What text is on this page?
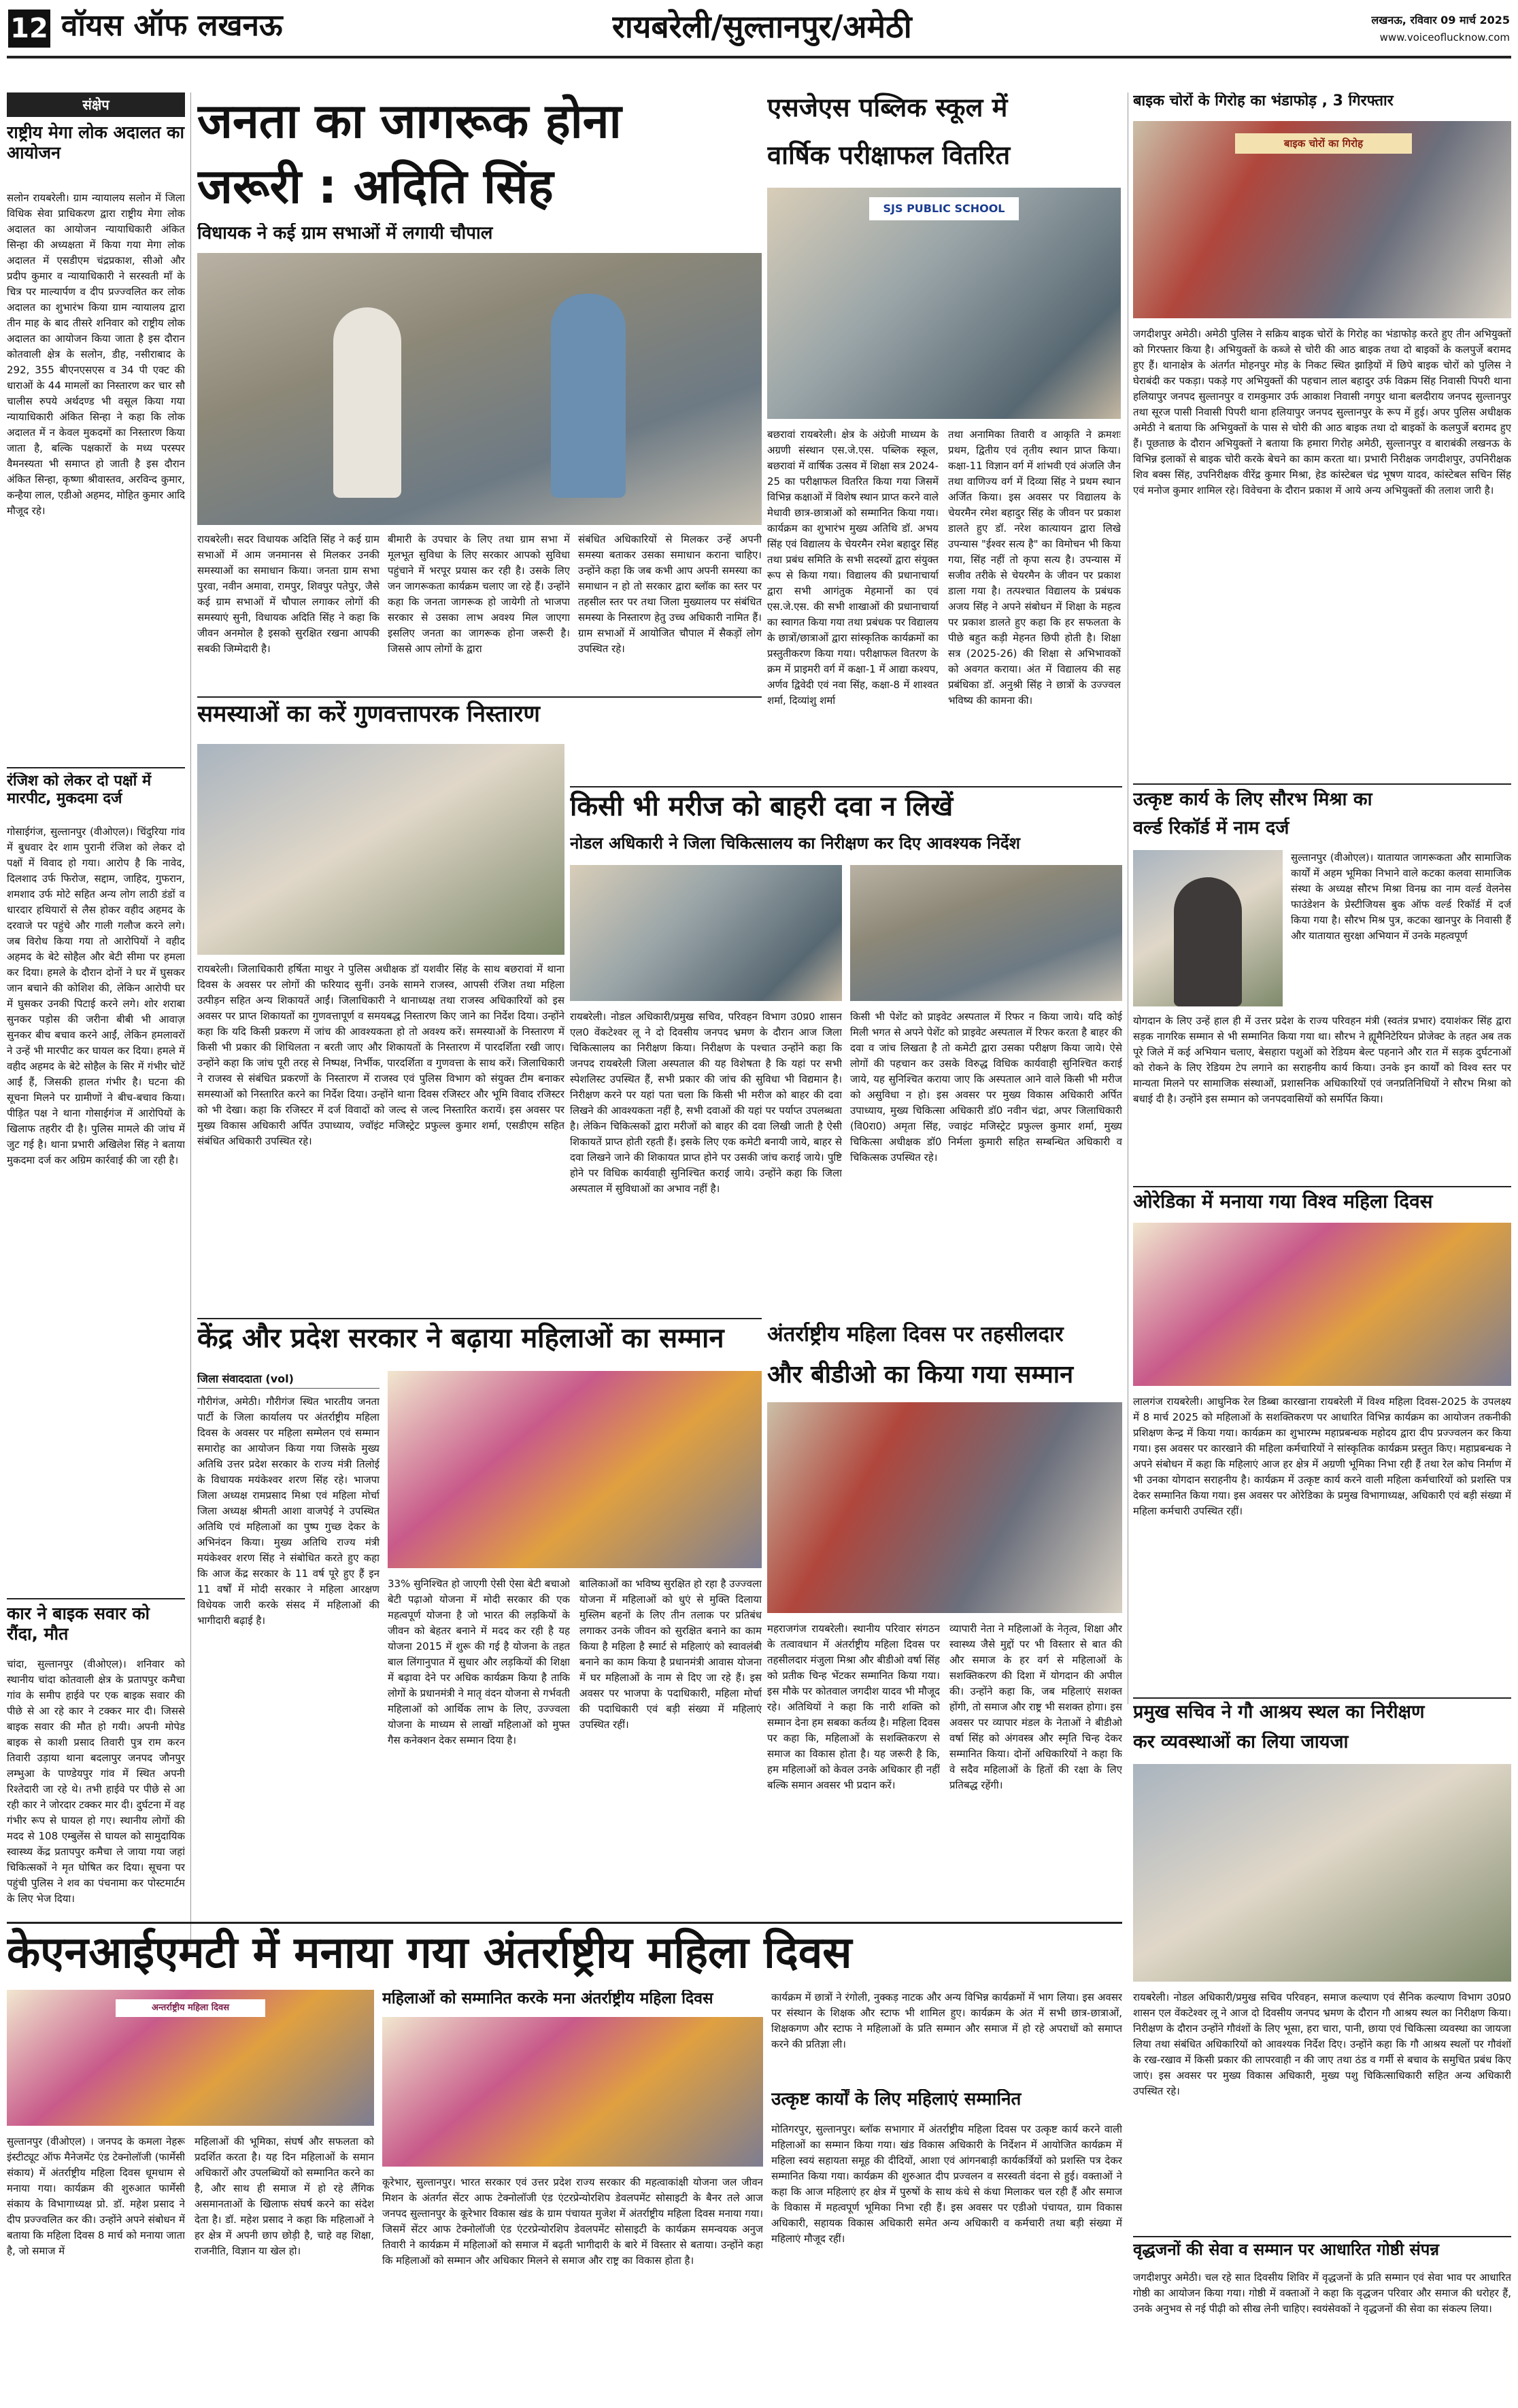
12 वॉयस ऑफ लखनऊ	रायबरेली/सुल्तानपुर/अमेठी	लखनऊ, रविवार 09 मार्च 2025
www.voiceoflucknow.com
संक्षेप
राष्ट्रीय मेगा लोक अदालत का आयोजन
सलोन रायबरेली। ग्राम न्यायालय सलोन में जिला विधिक सेवा प्राधिकरण द्वारा राष्ट्रीय मेगा लोक अदालत का आयोजन न्यायाधिकारी अंकित सिन्हा की अध्यक्षता में किया गया मेगा लोक अदालत में एसडीएम चंद्रप्रकाश, सीओ और प्रदीप कुमार व न्यायाधिकारी ने सरस्वती माँ के चित्र पर माल्यार्पण व दीप प्रज्ज्वलित कर लोक अदालत का शुभारंभ किया ग्राम न्यायालय द्वारा तीन माह के बाद तीसरे शनिवार को राष्ट्रीय लोक अदालत का आयोजन किया जाता है इस दौरान कोतवाली क्षेत्र के सलोन, डीह, नसीराबाद के 292, 355 बीएनएसएस व 34 पी एक्ट की धाराओं के 44 मामलों का निस्तारण कर चार सौ चालीस रुपये अर्थदण्ड भी वसूल किया गया न्यायाधिकारी अंकित सिन्हा ने कहा कि लोक अदालत में न केवल मुकदमों का निस्तारण किया जाता है, बल्कि पक्षकारों के मध्य परस्पर वैमनस्यता भी समाप्त हो जाती है इस दौरान अंकित सिन्हा, कृष्णा श्रीवास्तव, अरविन्द कुमार, कन्हैया लाल, एडीओ अहमद, मोहित कुमार आदि मौजूद रहे।
रंजिश को लेकर दो पक्षों में मारपीट, मुकदमा दर्ज
गोसाईगंज, सुल्तानपुर (वीओएल)। चिंदुरिया गांव में बुधवार देर शाम पुरानी रंजिश को लेकर दो पक्षों में विवाद हो गया। आरोप है कि नावेद, दिलशाद उर्फ फिरोज, सद्दाम, जाहिद, गुफरान, शमशाद उर्फ मोटे सहित अन्य लोग लाठी डंडों व धारदार हथियारों से लैस होकर वहीद अहमद के दरवाजे पर पहुंचे और गाली गलौज करने लगे। जब विरोध किया गया तो आरोपियों ने वहीद अहमद के बेटे सोहैल और बेटी सीमा पर हमला कर दिया। हमले के दौरान दोनों ने घर में घुसकर जान बचाने की कोशिश की, लेकिन आरोपी घर में घुसकर उनकी पिटाई करने लगे। शोर शराबा सुनकर पड़ोस की जरीना बीबी भी आवाज़ सुनकर बीच बचाव करने आईं, लेकिन हमलावरों ने उन्हें भी मारपीट कर घायल कर दिया। हमले में वहीद अहमद के बेटे सोहैल के सिर में गंभीर चोटें आईं हैं, जिसकी हालत गंभीर है। घटना की सूचना मिलने पर ग्रामीणों ने बीच-बचाव किया। पीड़ित पक्ष ने थाना गोसाईगंज में आरोपियों के खिलाफ तहरीर दी है। पुलिस मामले की जांच में जुट गई है। थाना प्रभारी अखिलेश सिंह ने बताया मुकदमा दर्ज कर अग्रिम कार्रवाई की जा रही है।
कार ने बाइक सवार को रौंदा, मौत
चांदा, सुल्तानपुर (वीओएल)। शनिवार को स्थानीय चांदा कोतवाली क्षेत्र के प्रतापपुर कमैचा गांव के समीप हाईवे पर एक बाइक सवार की पीछे से आ रहे कार ने टक्कर मार दी। जिससे बाइक सवार की मौत हो गयी। अपनी मोपेड बाइक से काशी प्रसाद तिवारी पुत्र राम करन तिवारी उड़ाया थाना बदलापुर जनपद जौनपुर लम्भुआ के पाण्डेयपुर गांव में स्थित अपनी रिश्तेदारी जा रहे थे। तभी हाईवे पर पीछे से आ रही कार ने जोरदार टक्कर मार दी। दुर्घटना में वह गंभीर रूप से घायल हो गए। स्थानीय लोगों की मदद से 108 एम्बुलेंस से घायल को सामुदायिक स्वास्थ्य केंद्र प्रतापपुर कमैचा ले जाया गया जहां चिकित्सकों ने मृत घोषित कर दिया। सूचना पर पहुंची पुलिस ने शव का पंचनामा कर पोस्टमार्टम के लिए भेज दिया।
जनता का जागरूक होना
जरूरी : अदिति सिंह
विधायक ने कई ग्राम सभाओं में लगायी चौपाल
रायबरेली। सदर विधायक अदिति सिंह ने कई ग्राम सभाओं में आम जनमानस से मिलकर उनकी समस्याओं का समाधान किया। जनता ग्राम सभा पुरवा, नवीन अमावा, रामपुर, शिवपुर पतेपुर, जैसे कई ग्राम सभाओं में चौपाल लगाकर लोगों की समस्याएं सुनी, विधायक अदिति सिंह ने कहा कि जीवन अनमोल है इसको सुरक्षित रखना आपकी सबकी जिम्मेदारी है।
बीमारी के उपचार के लिए तथा ग्राम सभा में मूलभूत सुविधा के लिए सरकार आपको सुविधा पहुंचाने में भरपूर प्रयास कर रही है। उसके लिए जन जागरूकता कार्यक्रम चलाए जा रहे हैं। उन्होंने कहा कि जनता जागरूक हो जायेगी तो भाजपा सरकार से उसका लाभ अवश्य मिल जाएगा इसलिए जनता का जागरूक होना जरूरी है। जिससे आप लोगों के द्वारा
संबंधित अधिकारियों से मिलकर उन्हें अपनी समस्या बताकर उसका समाधान कराना चाहिए। उन्होंने कहा कि जब कभी आप अपनी समस्या का समाधान न हो तो सरकार द्वारा ब्लॉक का स्तर पर तहसील स्तर पर तथा जिला मुख्यालय पर संबंधित समस्या के निस्तारण हेतु उच्च अधिकारी नामित हैं। ग्राम सभाओं में आयोजित चौपाल में सैकड़ों लोग उपस्थित रहे।
एसजेएस पब्लिक स्कूल में
वार्षिक परीक्षाफल वितरित
SJS PUBLIC SCHOOL
बछरावां रायबरेली। क्षेत्र के अंग्रेजी माध्यम के अग्रणी संस्थान एस.जे.एस. पब्लिक स्कूल, बछरावां में वार्षिक उत्सव में शिक्षा सत्र 2024-25 का परीक्षाफल वितरित किया गया जिसमें विभिन्न कक्षाओं में विशेष स्थान प्राप्त करने वाले मेधावी छात्र-छात्राओं को सम्मानित किया गया। कार्यक्रम का शुभारंभ मुख्य अतिथि डॉ. अभय सिंह एवं विद्यालय के चेयरमैन रमेश बहादुर सिंह तथा प्रबंध समिति के सभी सदस्यों द्वारा संयुक्त रूप से किया गया। विद्यालय की प्रधानाचार्या द्वारा सभी आगंतुक मेहमानों का एवं एस.जे.एस. की सभी शाखाओं की प्रधानाचार्या का स्वागत किया गया तथा प्रबंधक पर विद्यालय के छात्रों/छात्राओं द्वारा सांस्कृतिक कार्यक्रमों का प्रस्तुतीकरण किया गया। परीक्षाफल वितरण के क्रम में प्राइमरी वर्ग में कक्षा-1 में आद्या कश्यप, अर्णव द्विवेदी एवं नवा सिंह, कक्षा-8 में शाश्वत शर्मा, दिव्यांशु शर्मा
तथा अनामिका तिवारी व आकृति ने क्रमशः प्रथम, द्वितीय एवं तृतीय स्थान प्राप्त किया। कक्षा-11 विज्ञान वर्ग में शांभवी एवं अंजलि जैन तथा वाणिज्य वर्ग में दिव्या सिंह ने प्रथम स्थान अर्जित किया। इस अवसर पर विद्यालय के चेयरमैन रमेश बहादुर सिंह के जीवन पर प्रकाश डालते हुए डॉ. नरेश कात्यायन द्वारा लिखे उपन्यास "ईश्वर सत्य है" का विमोचन भी किया गया, सिंह नहीं तो कृपा सत्य है। उपन्यास में सजीव तरीके से चेयरमैन के जीवन पर प्रकाश डाला गया है। तत्पश्चात विद्यालय के प्रबंधक अजय सिंह ने अपने संबोधन में शिक्षा के महत्व पर प्रकाश डालते हुए कहा कि हर सफलता के पीछे बहुत कड़ी मेहनत छिपी होती है। शिक्षा सत्र (2025-26) की शिक्षा से अभिभावकों को अवगत कराया। अंत में विद्यालय की सह प्रबंधिका डॉ. अनुश्री सिंह ने छात्रों के उज्ज्वल भविष्य की कामना की।
बाइक चोरों के गिरोह का भंडाफोड़ , 3 गिरफ्तार
बाइक चोरों का गिरोह
जगदीशपुर अमेठी। अमेठी पुलिस ने सक्रिय बाइक चोरों के गिरोह का भंडाफोड़ करते हुए तीन अभियुक्तों को गिरफ्तार किया है। अभियुक्तों के कब्जे से चोरी की आठ बाइक तथा दो बाइकों के कलपुर्जे बरामद हुए हैं। थानाक्षेत्र के अंतर्गत मोहनपुर मोड़ के निकट स्थित झाड़ियों में छिपे बाइक चोरों को पुलिस ने घेराबंदी कर पकड़ा। पकड़े गए अभियुक्तों की पहचान लाल बहादुर उर्फ विक्रम सिंह निवासी पिपरी थाना हलियापुर जनपद सुल्तानपुर व रामकुमार उर्फ आकाश निवासी नगपुर थाना बलदीराय जनपद सुल्तानपुर तथा सूरज पासी निवासी पिपरी थाना हलियापुर जनपद सुल्तानपुर के रूप में हुई। अपर पुलिस अधीक्षक अमेठी ने बताया कि अभियुक्तों के पास से चोरी की आठ बाइक तथा दो बाइकों के कलपुर्जे बरामद हुए हैं। पूछताछ के दौरान अभियुक्तों ने बताया कि हमारा गिरोह अमेठी, सुल्तानपुर व बाराबंकी लखनऊ के विभिन्न इलाकों से बाइक चोरी करके बेचने का काम करता था। प्रभारी निरीक्षक जगदीशपुर, उपनिरीक्षक शिव बक्स सिंह, उपनिरीक्षक वीरेंद्र कुमार मिश्रा, हेड कांस्टेबल चंद्र भूषण यादव, कांस्टेबल सचिन सिंह एवं मनोज कुमार शामिल रहे। विवेचना के दौरान प्रकाश में आये अन्य अभियुक्तों की तलाश जारी है।
समस्याओं का करें गुणवत्तापरक निस्तारण
रायबरेली। जिलाधिकारी हर्षिता माथुर ने पुलिस अधीक्षक डॉ यशवीर सिंह के साथ बछरावां में थाना दिवस के अवसर पर लोगों की फरियाद सुनीं। उनके सामने राजस्व, आपसी रंजिश तथा महिला उत्पीड़न सहित अन्य शिकायतें आईं। जिलाधिकारी ने थानाध्यक्ष तथा राजस्व अधिकारियों को इस अवसर पर प्राप्त शिकायतों का गुणवत्तापूर्ण व समयबद्ध निस्तारण किए जाने का निर्देश दिया। उन्होंने कहा कि यदि किसी प्रकरण में जांच की आवश्यकता हो तो अवश्य करें। समस्याओं के निस्तारण में किसी भी प्रकार की शिथिलता न बरती जाए और शिकायतों के निस्तारण में पारदर्शिता रखी जाए। उन्होंने कहा कि जांच पूरी तरह से निष्पक्ष, निर्भीक, पारदर्शिता व गुणवत्ता के साथ करें। जिलाधिकारी ने राजस्व से संबंधित प्रकरणों के निस्तारण में राजस्व एवं पुलिस विभाग को संयुक्त टीम बनाकर समस्याओं को निस्तारित करने का निर्देश दिया। उन्होंने थाना दिवस रजिस्टर और भूमि विवाद रजिस्टर को भी देखा। कहा कि रजिस्टर में दर्ज विवादों को जल्द से जल्द निस्तारित करायें। इस अवसर पर मुख्य विकास अधिकारी अर्पित उपाध्याय, ज्वॉइंट मजिस्ट्रेट प्रफुल्ल कुमार शर्मा, एसडीएम सहित संबंधित अधिकारी उपस्थित रहे।
किसी भी मरीज को बाहरी दवा न लिखें
नोडल अधिकारी ने जिला चिकित्सालय का निरीक्षण कर दिए आवश्यक निर्देश
रायबरेली। नोडल अधिकारी/प्रमुख सचिव, परिवहन विभाग उ0प्र0 शासन एल0 वेंकटेश्वर लू ने दो दिवसीय जनपद भ्रमण के दौरान आज जिला चिकित्सालय का निरीक्षण किया। निरीक्षण के पश्चात उन्होंने कहा कि जनपद रायबरेली जिला अस्पताल की यह विशेषता है कि यहां पर सभी स्पेशलिस्ट उपस्थित हैं, सभी प्रकार की जांच की सुविधा भी विद्यमान है। निरीक्षण करने पर यहां पता चला कि किसी भी मरीज को बाहर की दवा लिखने की आवश्यकता नहीं है, सभी दवाओं की यहां पर पर्याप्त उपलब्धता है। लेकिन चिकित्सकों द्वारा मरीजों को बाहर की दवा लिखी जाती है ऐसी शिकायतें प्राप्त होती रहती हैं। इसके लिए एक कमेटी बनायी जाये, बाहर से दवा लिखने जाने की शिकायत प्राप्त होने पर उसकी जांच कराई जाये। पुष्टि होने पर विधिक कार्यवाही सुनिश्चित कराई जाये। उन्होंने कहा कि जिला अस्पताल में सुविधाओं का अभाव नहीं है।
किसी भी पेशेंट को प्राइवेट अस्पताल में रिफर न किया जाये। यदि कोई मिली भगत से अपने पेशेंट को प्राइवेट अस्पताल में रिफर करता है बाहर की दवा व जांच लिखता है तो कमेटी द्वारा उसका परीक्षण किया जाये। ऐसे लोगों की पहचान कर उसके विरुद्ध विधिक कार्यवाही सुनिश्चित कराई जाये, यह सुनिश्चित कराया जाए कि अस्पताल आने वाले किसी भी मरीज को असुविधा न हो। इस अवसर पर मुख्य विकास अधिकारी अर्पित उपाध्याय, मुख्य चिकित्सा अधिकारी डॉ0 नवीन चंद्रा, अपर जिलाधिकारी (वि0रा0) अमृता सिंह, ज्वाइंट मजिस्ट्रेट प्रफुल्ल कुमार शर्मा, मुख्य चिकित्सा अधीक्षक डॉ0 निर्मला कुमारी सहित सम्बन्धित अधिकारी व चिकित्सक उपस्थित रहे।
उत्कृष्ट कार्य के लिए सौरभ मिश्रा का
वर्ल्ड रिकॉर्ड में नाम दर्ज
सुल्तानपुर (वीओएल)। यातायात जागरूकता और सामाजिक कार्यों में अहम भूमिका निभाने वाले कटका कलवा सामाजिक संस्था के अध्यक्ष सौरभ मिश्रा विनम्र का नाम वर्ल्ड वेलनेस फाउंडेशन के प्रेस्टीजियस बुक ऑफ वर्ल्ड रिकॉर्ड में दर्ज किया गया है। सौरभ मिश्र पुत्र, कटका खानपुर के निवासी हैं और यातायात सुरक्षा अभियान में उनके महत्वपूर्ण
योगदान के लिए उन्हें हाल ही में उत्तर प्रदेश के राज्य परिवहन मंत्री (स्वतंत्र प्रभार) दयाशंकर सिंह द्वारा सड़क नागरिक सम्मान से भी सम्मानित किया गया था। सौरभ ने ह्यूमैनिटेरियन प्रोजेक्ट के तहत अब तक पूरे जिले में कई अभियान चलाए, बेसहारा पशुओं को रेडियम बेल्ट पहनाने और रात में सड़क दुर्घटनाओं को रोकने के लिए रेडियम टेप लगाने का सराहनीय कार्य किया। उनके इन कार्यों को विश्व स्तर पर मान्यता मिलने पर सामाजिक संस्थाओं, प्रशासनिक अधिकारियों एवं जनप्रतिनिधियों ने सौरभ मिश्रा को बधाई दी है। उन्होंने इस सम्मान को जनपदवासियों को समर्पित किया।
ओरेडिका में मनाया गया विश्व महिला दिवस
लालगंज रायबरेली। आधुनिक रेल डिब्बा कारखाना रायबरेली में विश्व महिला दिवस-2025 के उपलक्ष्य में 8 मार्च 2025 को महिलाओं के सशक्तिकरण पर आधारित विभिन्न कार्यक्रम का आयोजन तकनीकी प्रशिक्षण केन्द्र में किया गया। कार्यक्रम का शुभारम्भ महाप्रबन्धक महोदय द्वारा दीप प्रज्ज्वलन कर किया गया। इस अवसर पर कारखाने की महिला कर्मचारियों ने सांस्कृतिक कार्यक्रम प्रस्तुत किए। महाप्रबन्धक ने अपने संबोधन में कहा कि महिलाएं आज हर क्षेत्र में अग्रणी भूमिका निभा रही हैं तथा रेल कोच निर्माण में भी उनका योगदान सराहनीय है। कार्यक्रम में उत्कृष्ट कार्य करने वाली महिला कर्मचारियों को प्रशस्ति पत्र देकर सम्मानित किया गया। इस अवसर पर ओरेडिका के प्रमुख विभागाध्यक्ष, अधिकारी एवं बड़ी संख्या में महिला कर्मचारी उपस्थित रहीं।
केंद्र और प्रदेश सरकार ने बढ़ाया महिलाओं का सम्मान
जिला संवाददाता (vol)
गौरीगंज, अमेठी। गौरीगंज स्थित भारतीय जनता पार्टी के जिला कार्यालय पर अंतर्राष्ट्रीय महिला दिवस के अवसर पर महिला सम्मेलन एवं सम्मान समारोह का आयोजन किया गया जिसके मुख्य अतिथि उत्तर प्रदेश सरकार के राज्य मंत्री तिलोई के विधायक मयंकेश्वर शरण सिंह रहे। भाजपा जिला अध्यक्ष रामप्रसाद मिश्रा एवं महिला मोर्चा जिला अध्यक्ष श्रीमती आशा वाजपेई ने उपस्थित अतिथि एवं महिलाओं का पुष्प गुच्छ देकर के अभिनंदन किया। मुख्य अतिथि राज्य मंत्री मयंकेश्वर शरण सिंह ने संबोधित करते हुए कहा कि आज केंद्र सरकार के 11 वर्ष पूरे हुए हैं इन 11 वर्षों में मोदी सरकार ने महिला आरक्षण विधेयक जारी करके संसद में महिलाओं की भागीदारी बढ़ाई है।
33% सुनिश्चित हो जाएगी ऐसी ऐसा बेटी बचाओ बेटी पढ़ाओ योजना में मोदी सरकार की एक महत्वपूर्ण योजना है जो भारत की लड़कियों के जीवन को बेहतर बनाने में मदद कर रही है यह योजना 2015 में शुरू की गई है योजना के तहत बाल लिंगानुपात में सुधार और लड़कियों की शिक्षा में बढ़ावा देने पर अधिक कार्यक्रम किया है ताकि लोगों के प्रधानमंत्री ने मातृ वंदन योजना से गर्भवती महिलाओं को आर्थिक लाभ के लिए, उज्ज्वला योजना के माध्यम से लाखों महिलाओं को मुफ्त गैस कनेक्शन देकर सम्मान दिया है।
बालिकाओं का भविष्य सुरक्षित हो रहा है उज्ज्वला योजना में महिलाओं को धुएं से मुक्ति दिलाया मुस्लिम बहनों के लिए तीन तलाक पर प्रतिबंध लगाकर उनके जीवन को सुरक्षित बनाने का काम किया है महिला है स्मार्ट से महिलाएं को स्वावलंबी बनाने का काम किया है प्रधानमंत्री आवास योजना में घर महिलाओं के नाम से दिए जा रहे हैं। इस अवसर पर भाजपा के पदाधिकारी, महिला मोर्चा की पदाधिकारी एवं बड़ी संख्या में महिलाएं उपस्थित रहीं।
अंतर्राष्ट्रीय महिला दिवस पर तहसीलदार
और बीडीओ का किया गया सम्मान
महराजगंज रायबरेली। स्थानीय परिवार संगठन के तत्वावधान में अंतर्राष्ट्रीय महिला दिवस पर तहसीलदार मंजुला मिश्रा और बीडीओ वर्षा सिंह को प्रतीक चिन्ह भेंटकर सम्मानित किया गया। इस मौके पर कोतवाल जगदीश यादव भी मौजूद रहे। अतिथियों ने कहा कि नारी शक्ति को सम्मान देना हम सबका कर्तव्य है। महिला दिवस पर कहा कि, महिलाओं के सशक्तिकरण से समाज का विकास होता है। यह जरूरी है कि, हम महिलाओं को केवल उनके अधिकार ही नहीं बल्कि समान अवसर भी प्रदान करें।
व्यापारी नेता ने महिलाओं के नेतृत्व, शिक्षा और स्वास्थ्य जैसे मुद्दों पर भी विस्तार से बात की और समाज के हर वर्ग से महिलाओं के सशक्तिकरण की दिशा में योगदान की अपील की। उन्होंने कहा कि, जब महिलाएं सशक्त होंगी, तो समाज और राष्ट्र भी सशक्त होगा। इस अवसर पर व्यापार मंडल के नेताओं ने बीडीओ वर्षा सिंह को अंगवस्त्र और स्मृति चिन्ह देकर सम्मानित किया। दोनों अधिकारियों ने कहा कि वे सदैव महिलाओं के हितों की रक्षा के लिए प्रतिबद्ध रहेंगी।
प्रमुख सचिव ने गौ आश्रय स्थल का निरीक्षण
कर व्यवस्थाओं का लिया जायजा
रायबरेली। नोडल अधिकारी/प्रमुख सचिव परिवहन, समाज कल्याण एवं सैनिक कल्याण विभाग उ0प्र0 शासन एल वेंकटेश्वर लू ने आज दो दिवसीय जनपद भ्रमण के दौरान गौ आश्रय स्थल का निरीक्षण किया। निरीक्षण के दौरान उन्होंने गौवंशों के लिए भूसा, हरा चारा, पानी, छाया एवं चिकित्सा व्यवस्था का जायजा लिया तथा संबंधित अधिकारियों को आवश्यक निर्देश दिए। उन्होंने कहा कि गौ आश्रय स्थलों पर गौवंशों के रख-रखाव में किसी प्रकार की लापरवाही न की जाए तथा ठंड व गर्मी से बचाव के समुचित प्रबंध किए जाएं। इस अवसर पर मुख्य विकास अधिकारी, मुख्य पशु चिकित्साधिकारी सहित अन्य अधिकारी उपस्थित रहे।
केएनआईएमटी में मनाया गया अंतर्राष्ट्रीय महिला दिवस
अन्तर्राष्ट्रीय महिला दिवस
सुल्तानपुर (वीओएल) । जनपद के कमला नेहरू इंस्टीट्यूट ऑफ मैनेजमेंट एंड टेक्नोलॉजी (फार्मेसी संकाय) में अंतर्राष्ट्रीय महिला दिवस धूमधाम से मनाया गया। कार्यक्रम की शुरुआत फार्मेसी संकाय के विभागाध्यक्ष प्रो. डॉ. महेश प्रसाद ने दीप प्रज्ज्वलित कर की। उन्होंने अपने संबोधन में बताया कि महिला दिवस 8 मार्च को मनाया जाता है, जो समाज में
महिलाओं की भूमिका, संघर्ष और सफलता को प्रदर्शित करता है। यह दिन महिलाओं के समान अधिकारों और उपलब्धियों को सम्मानित करने का है, और साथ ही समाज में हो रहे लैंगिक असमानताओं के खिलाफ संघर्ष करने का संदेश देता है। डॉ. महेश प्रसाद ने कहा कि महिलाओं ने हर क्षेत्र में अपनी छाप छोड़ी है, चाहे वह शिक्षा, राजनीति, विज्ञान या खेल हो।
महिलाओं को सम्मानित करके मना अंतर्राष्ट्रीय महिला दिवस
कूरेभार, सुल्तानपुर। भारत सरकार एवं उत्तर प्रदेश राज्य सरकार की महत्वाकांक्षी योजना जल जीवन मिशन के अंतर्गत सेंटर आफ टेक्नोलॉजी एंड एंटरप्रेन्योरशिप डेवलपमेंट सोसाइटी के बैनर तले आज जनपद सुल्तानपुर के कूरेभार विकास खंड के ग्राम पंचायत मुजेश में अंतर्राष्ट्रीय महिला दिवस मनाया गया। जिसमें सेंटर आफ टेक्नोलॉजी एंड एंटरप्रेन्योरशिप डेवलपमेंट सोसाइटी के कार्यक्रम समन्वयक अनुज तिवारी ने कार्यक्रम में महिलाओं को समाज में बढ़ती भागीदारी के बारे में विस्तार से बताया। उन्होंने कहा कि महिलाओं को सम्मान और अधिकार मिलने से समाज और राष्ट्र का विकास होता है।
कार्यक्रम में छात्रों ने रंगोली, नुक्कड़ नाटक और अन्य विभिन्न कार्यक्रमों में भाग लिया। इस अवसर पर संस्थान के शिक्षक और स्टाफ भी शामिल हुए। कार्यक्रम के अंत में सभी छात्र-छात्राओं, शिक्षकगण और स्टाफ ने महिलाओं के प्रति सम्मान और समाज में हो रहे अपराधों को समाप्त करने की प्रतिज्ञा ली।
उत्कृष्ट कार्यों के लिए महिलाएं सम्मानित
मोतिगरपुर, सुल्तानपुर। ब्लॉक सभागार में अंतर्राष्ट्रीय महिला दिवस पर उत्कृष्ट कार्य करने वाली महिलाओं का सम्मान किया गया। खंड विकास अधिकारी के निर्देशन में आयोजित कार्यक्रम में महिला स्वयं सहायता समूह की दीदियों, आशा एवं आंगनबाड़ी कार्यकर्त्रियों को प्रशस्ति पत्र देकर सम्मानित किया गया। कार्यक्रम की शुरुआत दीप प्रज्वलन व सरस्वती वंदना से हुई। वक्ताओं ने कहा कि आज महिलाएं हर क्षेत्र में पुरुषों के साथ कंधे से कंधा मिलाकर चल रही हैं और समाज के विकास में महत्वपूर्ण भूमिका निभा रही हैं। इस अवसर पर एडीओ पंचायत, ग्राम विकास अधिकारी, सहायक विकास अधिकारी समेत अन्य अधिकारी व कर्मचारी तथा बड़ी संख्या में महिलाएं मौजूद रहीं।
वृद्धजनों की सेवा व सम्मान पर आधारित गोष्ठी संपन्न
जगदीशपुर अमेठी। चल रहे सात दिवसीय शिविर में वृद्धजनों के प्रति सम्मान एवं सेवा भाव पर आधारित गोष्ठी का आयोजन किया गया। गोष्ठी में वक्ताओं ने कहा कि वृद्धजन परिवार और समाज की धरोहर हैं, उनके अनुभव से नई पीढ़ी को सीख लेनी चाहिए। स्वयंसेवकों ने वृद्धजनों की सेवा का संकल्प लिया।
